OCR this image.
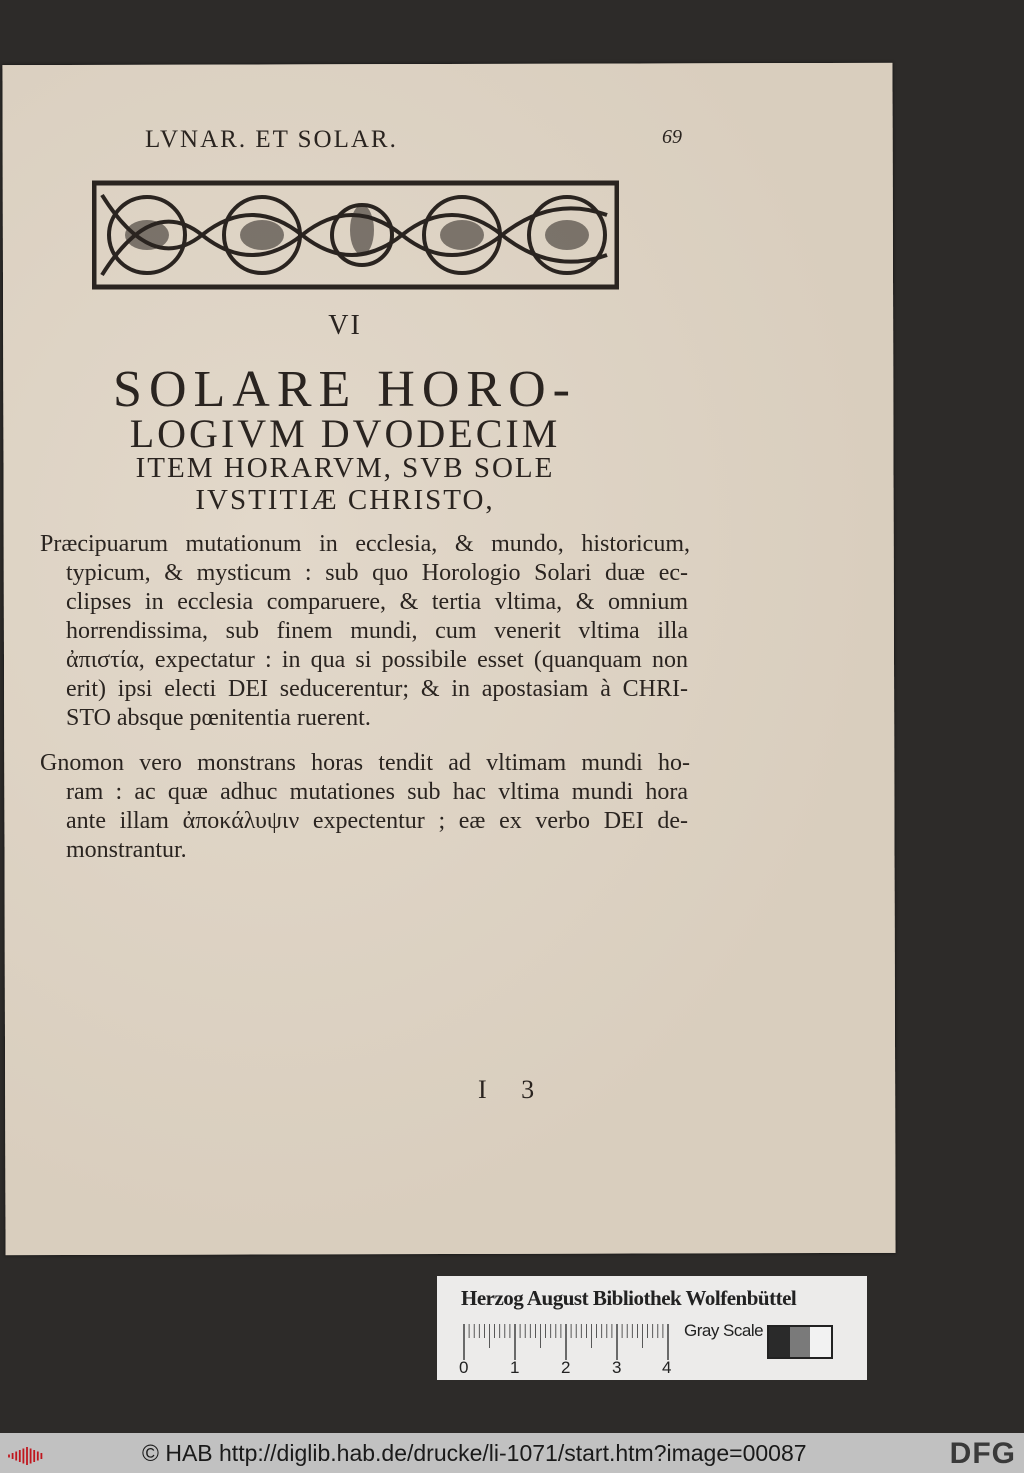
LVNAR. ET SOLAR.	69
VI
SOLARE HORO-
LOGIVM DVODECIM
ITEM HORARVM, SVB SOLE
IVSTITIÆ CHRISTO,
Præcipuarum mutationum in ecclesia, & mundo, historicum,
typicum, & mysticum : sub quo Horologio Solari duæ ec-
clipses in ecclesia comparuere, & tertia vltima, & omnium
horrendissima, sub finem mundi, cum venerit vltima illa
ἀπιστία, expectatur : in qua si possibile esset (quanquam non
erit) ipsi electi DEI seducerentur; & in apostasiam à CHRI-
STO absque pœnitentia ruerent.
Gnomon vero monstrans horas tendit ad vltimam mundi ho-
ram : ac quæ adhuc mutationes sub hac vltima mundi hora
ante illam ἀποκάλυψιν expectentur ; eæ ex verbo DEI de-
monstrantur.
I 3
Herzog August Bibliothek Wolfenbüttel
0 1 2 3 4
Gray Scale
© HAB http://diglib.hab.de/drucke/li-1071/start.htm?image=00087	DFG
